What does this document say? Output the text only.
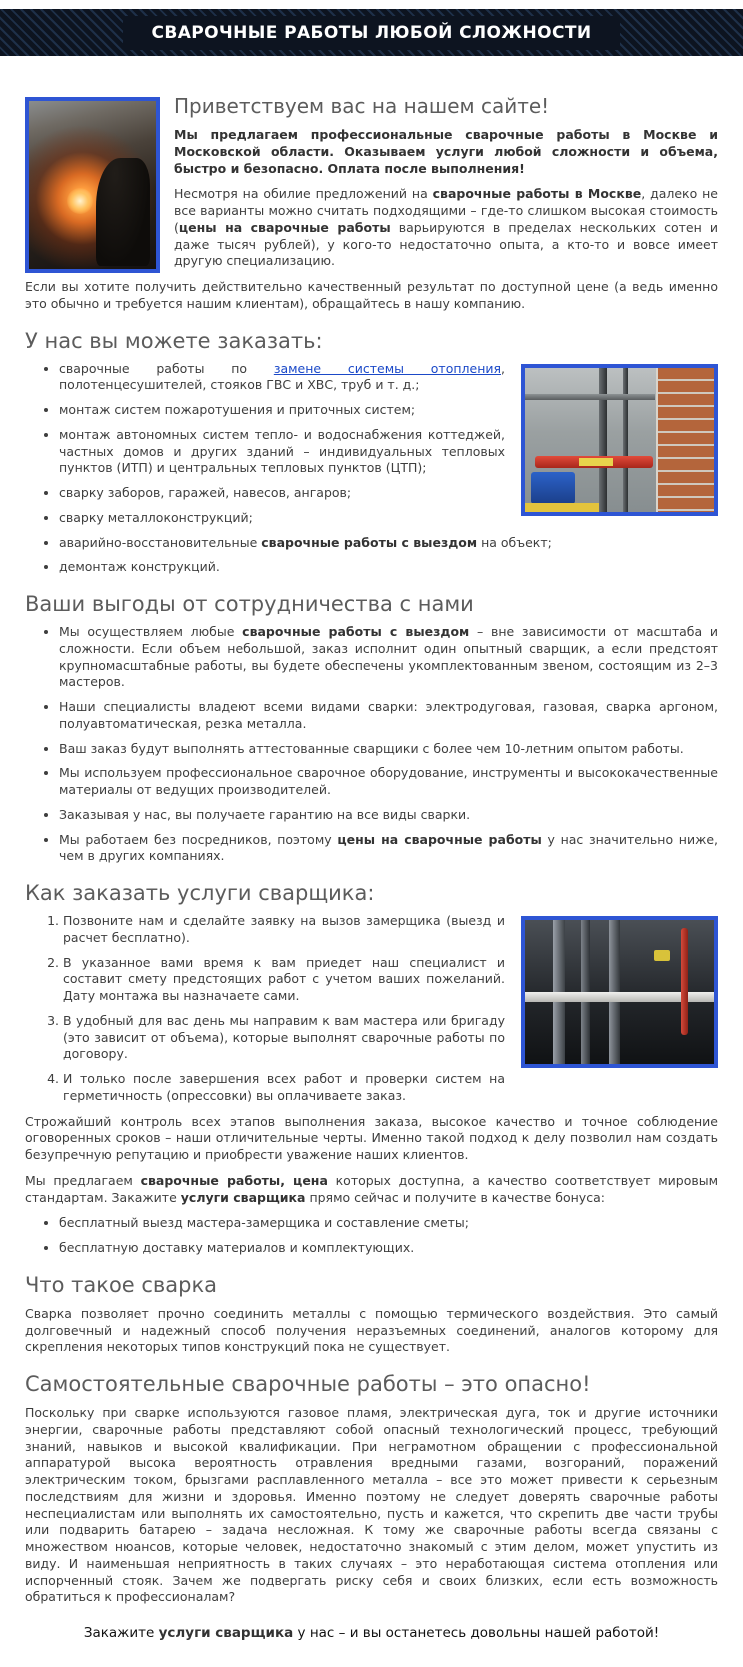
СВАРОЧНЫЕ РАБОТЫ ЛЮБОЙ СЛОЖНОСТИ
Приветствуем вас на нашем сайте!

Мы предлагаем профессиональные сварочные работы в Москве и Московской области. Оказываем услуги любой сложности и объема, быстро и безопасно. Оплата после выполнения!

Несмотря на обилие предложений на сварочные работы в Москве, далеко не все варианты можно считать подходящими – где-то слишком высокая стоимость (цены на сварочные работы варьируются в пределах нескольких сотен и даже тысяч рублей), у кого-то недостаточно опыта, а кто-то и вовсе имеет другую специализацию.

Если вы хотите получить действительно качественный результат по доступной цене (а ведь именно это обычно и требуется нашим клиентам), обращайтесь в нашу компанию.

У нас вы можете заказать:
• сварочные работы по замене системы отопления, полотенцесушителей, стояков ГВС и ХВС, труб и т. д.;
• монтаж систем пожаротушения и приточных систем;
• монтаж автономных систем тепло- и водоснабжения коттеджей, частных домов и других зданий – индивидуальных тепловых пунктов (ИТП) и центральных тепловых пунктов (ЦТП);
• сварку заборов, гаражей, навесов, ангаров;
• сварку металлоконструкций;
• аварийно-восстановительные сварочные работы с выездом на объект;
• демонтаж конструкций.
Ваши выгоды от сотрудничества с нами
• Мы осуществляем любые сварочные работы с выездом – вне зависимости от масштаба и сложности. Если объем небольшой, заказ исполнит один опытный сварщик, а если предстоят крупномасштабные работы, вы будете обеспечены укомплектованным звеном, состоящим из 2–3 мастеров.
• Наши специалисты владеют всеми видами сварки: электродуговая, газовая, сварка аргоном, полуавтоматическая, резка металла.
• Ваш заказ будут выполнять аттестованные сварщики с более чем 10-летним опытом работы.
• Мы используем профессиональное сварочное оборудование, инструменты и высококачественные материалы от ведущих производителей.
• Заказывая у нас, вы получаете гарантию на все виды сварки.
• Мы работаем без посредников, поэтому цены на сварочные работы у нас значительно ниже, чем в других компаниях.
Как заказать услуги сварщика:
1. Позвоните нам и сделайте заявку на вызов замерщика (выезд и расчет бесплатно).
2. В указанное вами время к вам приедет наш специалист и составит смету предстоящих работ с учетом ваших пожеланий. Дату монтажа вы назначаете сами.
3. В удобный для вас день мы направим к вам мастера или бригаду (это зависит от объема), которые выполнят сварочные работы по договору.
4. И только после завершения всех работ и проверки систем на герметичность (опрессовки) вы оплачиваете заказ.

Строжайший контроль всех этапов выполнения заказа, высокое качество и точное соблюдение оговоренных сроков – наши отличительные черты. Именно такой подход к делу позволил нам создать безупречную репутацию и приобрести уважение наших клиентов.

Мы предлагаем сварочные работы, цена которых доступна, а качество соответствует мировым стандартам. Закажите услуги сварщика прямо сейчас и получите в качестве бонуса:

• бесплатный выезд мастера-замерщика и составление сметы;
• бесплатную доставку материалов и комплектующих.
Что такое сварка

Сварка позволяет прочно соединить металлы с помощью термического воздействия. Это самый долговечный и надежный способ получения неразъемных соединений, аналогов которому для скрепления некоторых типов конструкций пока не существует.

Самостоятельные сварочные работы – это опасно!

Поскольку при сварке используются газовое пламя, электрическая дуга, ток и другие источники энергии, сварочные работы представляют собой опасный технологический процесс, требующий знаний, навыков и высокой квалификации. При неграмотном обращении с профессиональной аппаратурой высока вероятность отравления вредными газами, возгораний, поражений электрическим током, брызгами расплавленного металла – все это может привести к серьезным последствиям для жизни и здоровья. Именно поэтому не следует доверять сварочные работы неспециалистам или выполнять их самостоятельно, пусть и кажется, что скрепить две части трубы или подварить батарею – задача несложная. К тому же сварочные работы всегда связаны с множеством нюансов, которые человек, недостаточно знакомый с этим делом, может упустить из виду. И наименьшая неприятность в таких случаях – это неработающая система отопления или испорченный стояк. Зачем же подвергать риску себя и своих близких, если есть возможность обратиться к профессионалам?

Закажите услуги сварщика у нас – и вы останетесь довольны нашей работой!
